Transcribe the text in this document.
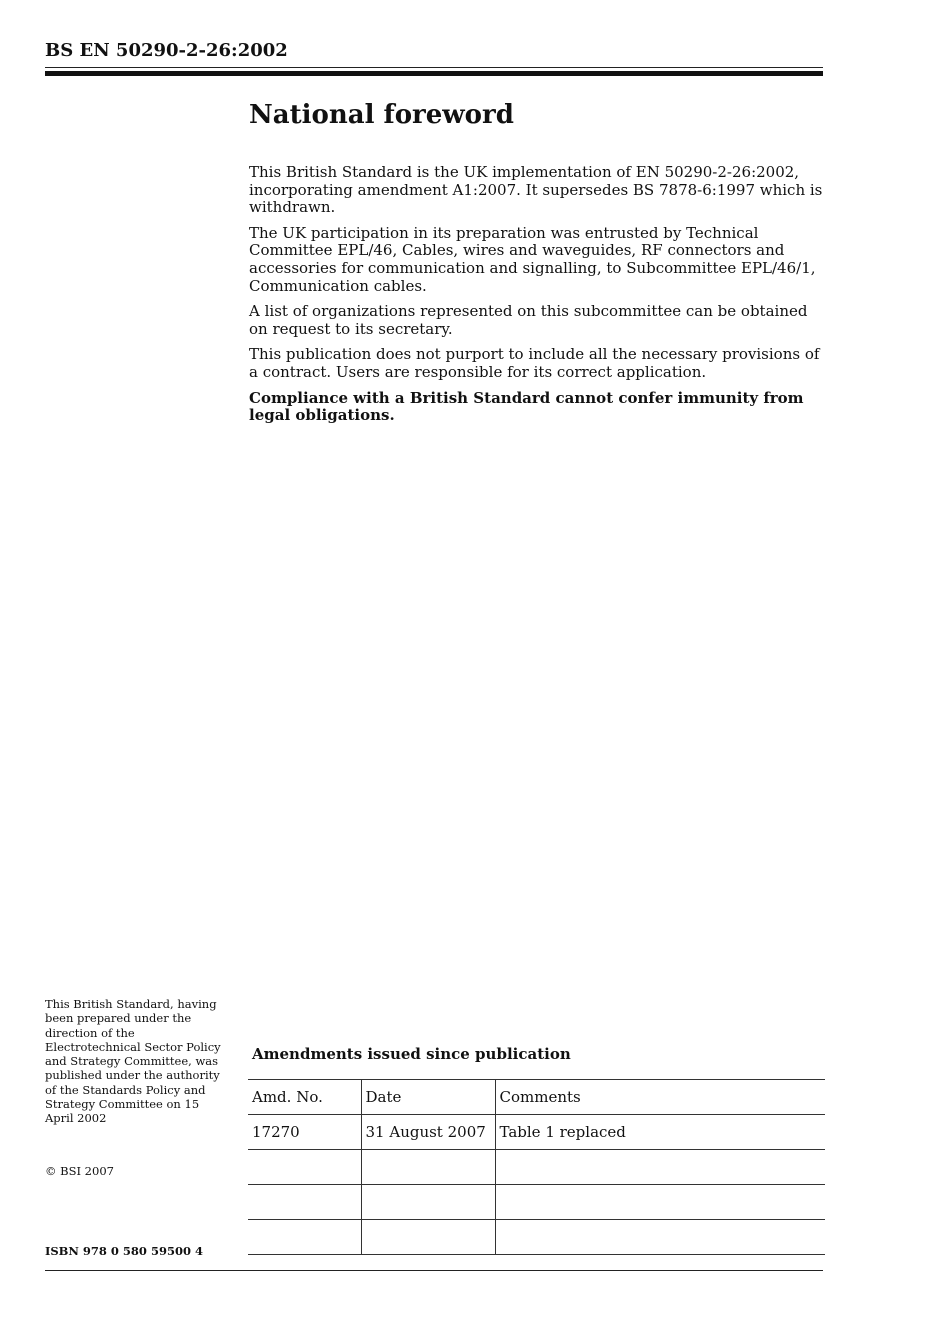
BS EN 50290-2-26:2002
National foreword

This British Standard is the UK implementation of EN 50290-2-26:2002, incorporating amendment A1:2007. It supersedes BS 7878-6:1997 which is withdrawn.

The UK participation in its preparation was entrusted by Technical Committee EPL/46, Cables, wires and waveguides, RF connectors and accessories for communication and signalling, to Subcommittee EPL/46/1, Communication cables.

A list of organizations represented on this subcommittee can be obtained on request to its secretary.

This publication does not purport to include all the necessary provisions of a contract. Users are responsible for its correct application.

Compliance with a British Standard cannot confer immunity from legal obligations.

This British Standard, having been prepared under the direction of the Electrotechnical Sector Policy and Strategy Committee, was published under the authority of the Standards Policy and Strategy Committee on 15 April 2002

© BSI 2007

ISBN 978 0 580 59500 4

Amendments issued since publication
Amd. No.	Date	Comments
17270	31 August 2007	Table 1 replaced
